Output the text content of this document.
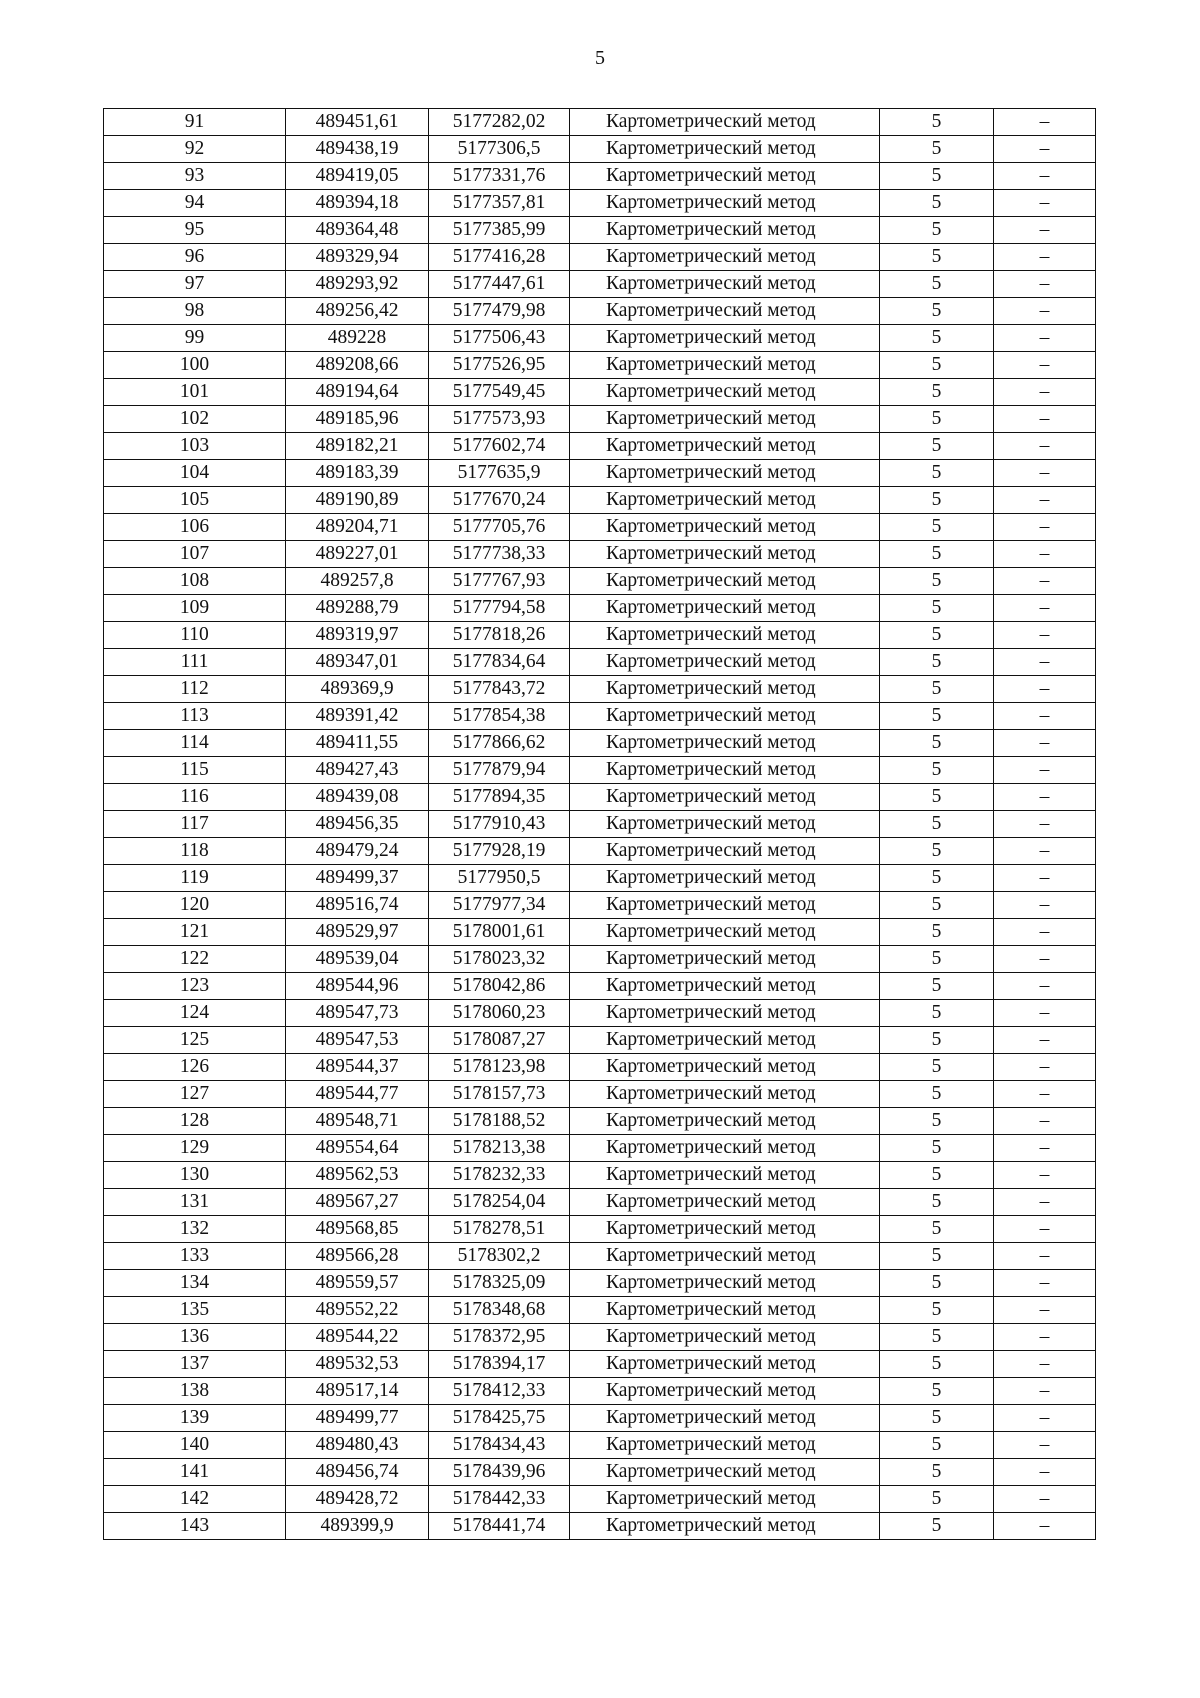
5
91	489451,61	5177282,02	Картометрический метод	5	–
92	489438,19	5177306,5	Картометрический метод	5	–
93	489419,05	5177331,76	Картометрический метод	5	–
94	489394,18	5177357,81	Картометрический метод	5	–
95	489364,48	5177385,99	Картометрический метод	5	–
96	489329,94	5177416,28	Картометрический метод	5	–
97	489293,92	5177447,61	Картометрический метод	5	–
98	489256,42	5177479,98	Картометрический метод	5	–
99	489228	5177506,43	Картометрический метод	5	–
100	489208,66	5177526,95	Картометрический метод	5	–
101	489194,64	5177549,45	Картометрический метод	5	–
102	489185,96	5177573,93	Картометрический метод	5	–
103	489182,21	5177602,74	Картометрический метод	5	–
104	489183,39	5177635,9	Картометрический метод	5	–
105	489190,89	5177670,24	Картометрический метод	5	–
106	489204,71	5177705,76	Картометрический метод	5	–
107	489227,01	5177738,33	Картометрический метод	5	–
108	489257,8	5177767,93	Картометрический метод	5	–
109	489288,79	5177794,58	Картометрический метод	5	–
110	489319,97	5177818,26	Картометрический метод	5	–
111	489347,01	5177834,64	Картометрический метод	5	–
112	489369,9	5177843,72	Картометрический метод	5	–
113	489391,42	5177854,38	Картометрический метод	5	–
114	489411,55	5177866,62	Картометрический метод	5	–
115	489427,43	5177879,94	Картометрический метод	5	–
116	489439,08	5177894,35	Картометрический метод	5	–
117	489456,35	5177910,43	Картометрический метод	5	–
118	489479,24	5177928,19	Картометрический метод	5	–
119	489499,37	5177950,5	Картометрический метод	5	–
120	489516,74	5177977,34	Картометрический метод	5	–
121	489529,97	5178001,61	Картометрический метод	5	–
122	489539,04	5178023,32	Картометрический метод	5	–
123	489544,96	5178042,86	Картометрический метод	5	–
124	489547,73	5178060,23	Картометрический метод	5	–
125	489547,53	5178087,27	Картометрический метод	5	–
126	489544,37	5178123,98	Картометрический метод	5	–
127	489544,77	5178157,73	Картометрический метод	5	–
128	489548,71	5178188,52	Картометрический метод	5	–
129	489554,64	5178213,38	Картометрический метод	5	–
130	489562,53	5178232,33	Картометрический метод	5	–
131	489567,27	5178254,04	Картометрический метод	5	–
132	489568,85	5178278,51	Картометрический метод	5	–
133	489566,28	5178302,2	Картометрический метод	5	–
134	489559,57	5178325,09	Картометрический метод	5	–
135	489552,22	5178348,68	Картометрический метод	5	–
136	489544,22	5178372,95	Картометрический метод	5	–
137	489532,53	5178394,17	Картометрический метод	5	–
138	489517,14	5178412,33	Картометрический метод	5	–
139	489499,77	5178425,75	Картометрический метод	5	–
140	489480,43	5178434,43	Картометрический метод	5	–
141	489456,74	5178439,96	Картометрический метод	5	–
142	489428,72	5178442,33	Картометрический метод	5	–
143	489399,9	5178441,74	Картометрический метод	5	–
